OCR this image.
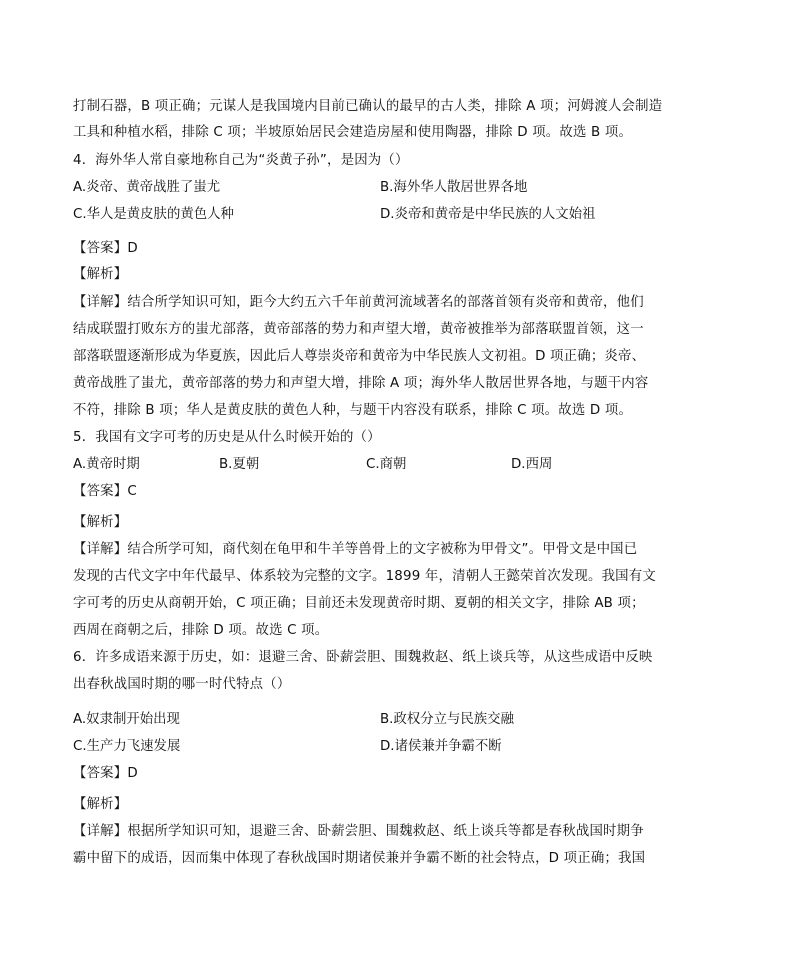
打制石器，B 项正确；元谋人是我国境内目前已确认的最早的古人类，排除 A 项；河姆渡人会制造
工具和种植水稻，排除 C 项；半坡原始居民会建造房屋和使用陶器，排除 D 项。故选 B 项。
4．海外华人常自豪地称自己为“炎黄子孙”，是因为（）
A.炎帝、黄帝战胜了蚩尤	B.海外华人散居世界各地
C.华人是黄皮肤的黄色人种	D.炎帝和黄帝是中华民族的人文始祖
【答案】D
【解析】
【详解】结合所学知识可知，距今大约五六千年前黄河流域著名的部落首领有炎帝和黄帝，他们
结成联盟打败东方的蚩尤部落，黄帝部落的势力和声望大增，黄帝被推举为部落联盟首领，这一
部落联盟逐渐形成为华夏族，因此后人尊崇炎帝和黄帝为中华民族人文初祖。D 项正确；炎帝、
黄帝战胜了蚩尤，黄帝部落的势力和声望大增，排除 A 项；海外华人散居世界各地，与题干内容
不符，排除 B 项；华人是黄皮肤的黄色人种，与题干内容没有联系，排除 C 项。故选 D 项。
5．我国有文字可考的历史是从什么时候开始的（）
A.黄帝时期	B.夏朝	C.商朝	D.西周
【答案】C
【解析】
【详解】结合所学可知，商代刻在龟甲和牛羊等兽骨上的文字被称为甲骨文”。甲骨文是中国已
发现的古代文字中年代最早、体系较为完整的文字。1899 年，清朝人王懿荣首次发现。我国有文
字可考的历史从商朝开始，C 项正确；目前还未发现黄帝时期、夏朝的相关文字，排除 AB 项；
西周在商朝之后，排除 D 项。故选 C 项。
6．许多成语来源于历史，如：退避三舍、卧薪尝胆、围魏救赵、纸上谈兵等，从这些成语中反映
出春秋战国时期的哪一时代特点（）
A.奴隶制开始出现	B.政权分立与民族交融
C.生产力飞速发展	D.诸侯兼并争霸不断
【答案】D
【解析】
【详解】根据所学知识可知，退避三舍、卧薪尝胆、围魏救赵、纸上谈兵等都是春秋战国时期争
霸中留下的成语，因而集中体现了春秋战国时期诸侯兼并争霸不断的社会特点，D 项正确；我国
